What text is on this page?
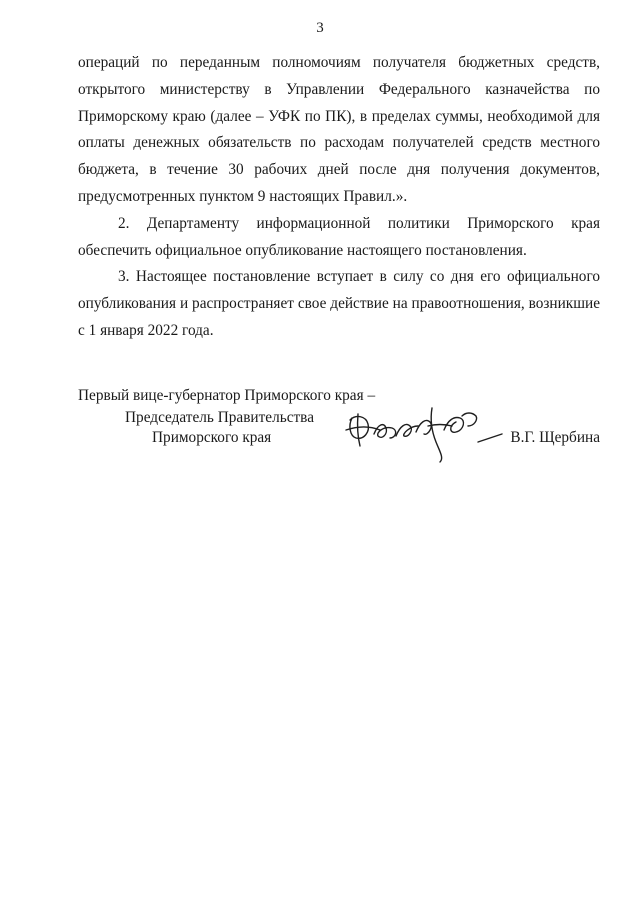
3

операций по переданным полномочиям получателя бюджетных средств, открытого министерству в Управлении Федерального казначейства по Приморскому краю (далее – УФК по ПК), в пределах суммы, необходимой для оплаты денежных обязательств по расходам получателей средств местного бюджета, в течение 30 рабочих дней после дня получения документов, предусмотренных пунктом 9 настоящих Правил.».

2. Департаменту информационной политики Приморского края обеспечить официальное опубликование настоящего постановления.

3. Настоящее постановление вступает в силу со дня его официального опубликования и распространяет свое действие на правоотношения, возникшие с 1 января 2022 года.

Первый вице-губернатор Приморского края –
Председатель Правительства
Приморского края	В.Г. Щербина
